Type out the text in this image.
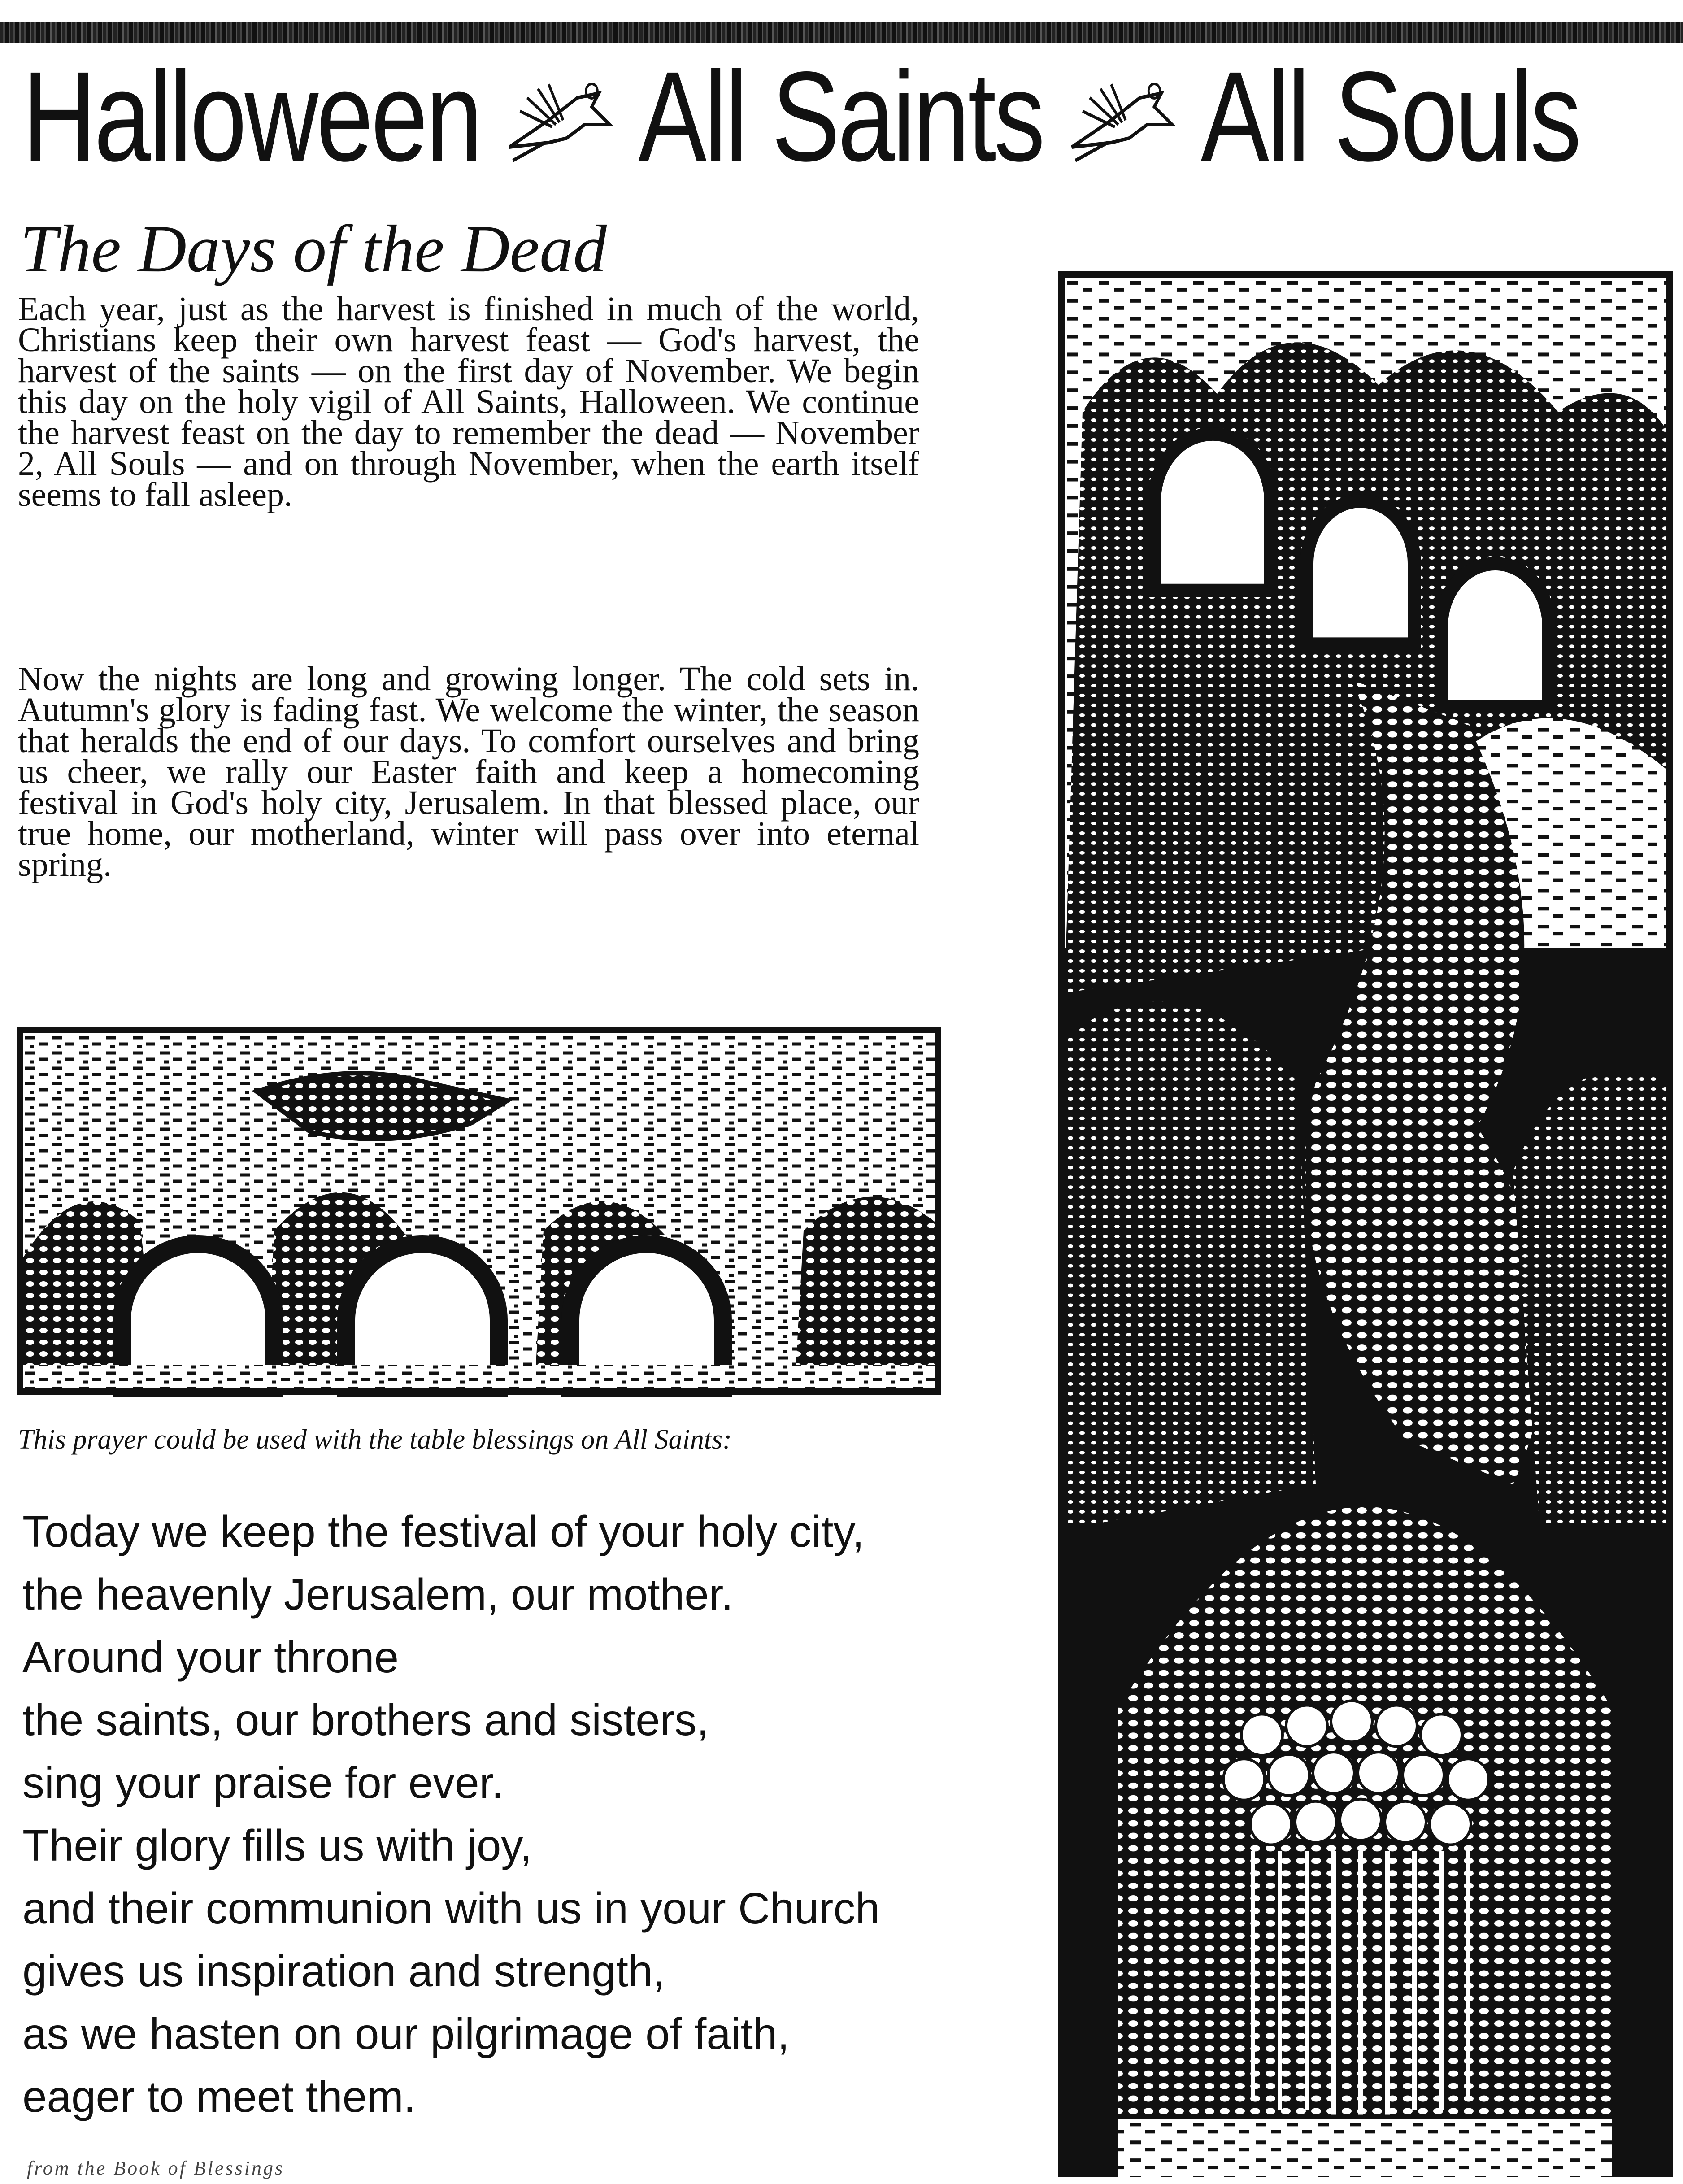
Halloween All Saints All Souls
The Days of the Dead
Each year, just as the harvest is finished in much of the world, Christians keep their own harvest feast — God's harvest, the harvest of the saints — on the first day of November. We begin this day on the holy vigil of All Saints, Halloween. We continue the harvest feast on the day to remember the dead — November 2, All Souls — and on through November, when the earth itself seems to fall asleep.
Now the nights are long and growing longer. The cold sets in. Autumn's glory is fading fast. We welcome the winter, the season that heralds the end of our days. To comfort ourselves and bring us cheer, we rally our Easter faith and keep a homecoming festival in God's holy city, Jerusalem. In that blessed place, our true home, our motherland, winter will pass over into eternal spring.
This prayer could be used with the table blessings on All Saints:
Today we keep the festival of your holy city,
the heavenly Jerusalem, our mother.
Around your throne
the saints, our brothers and sisters,
sing your praise for ever.
Their glory fills us with joy,
and their communion with us in your Church
gives us inspiration and strength,
as we hasten on our pilgrimage of faith,
eager to meet them.
from the Book of Blessings
